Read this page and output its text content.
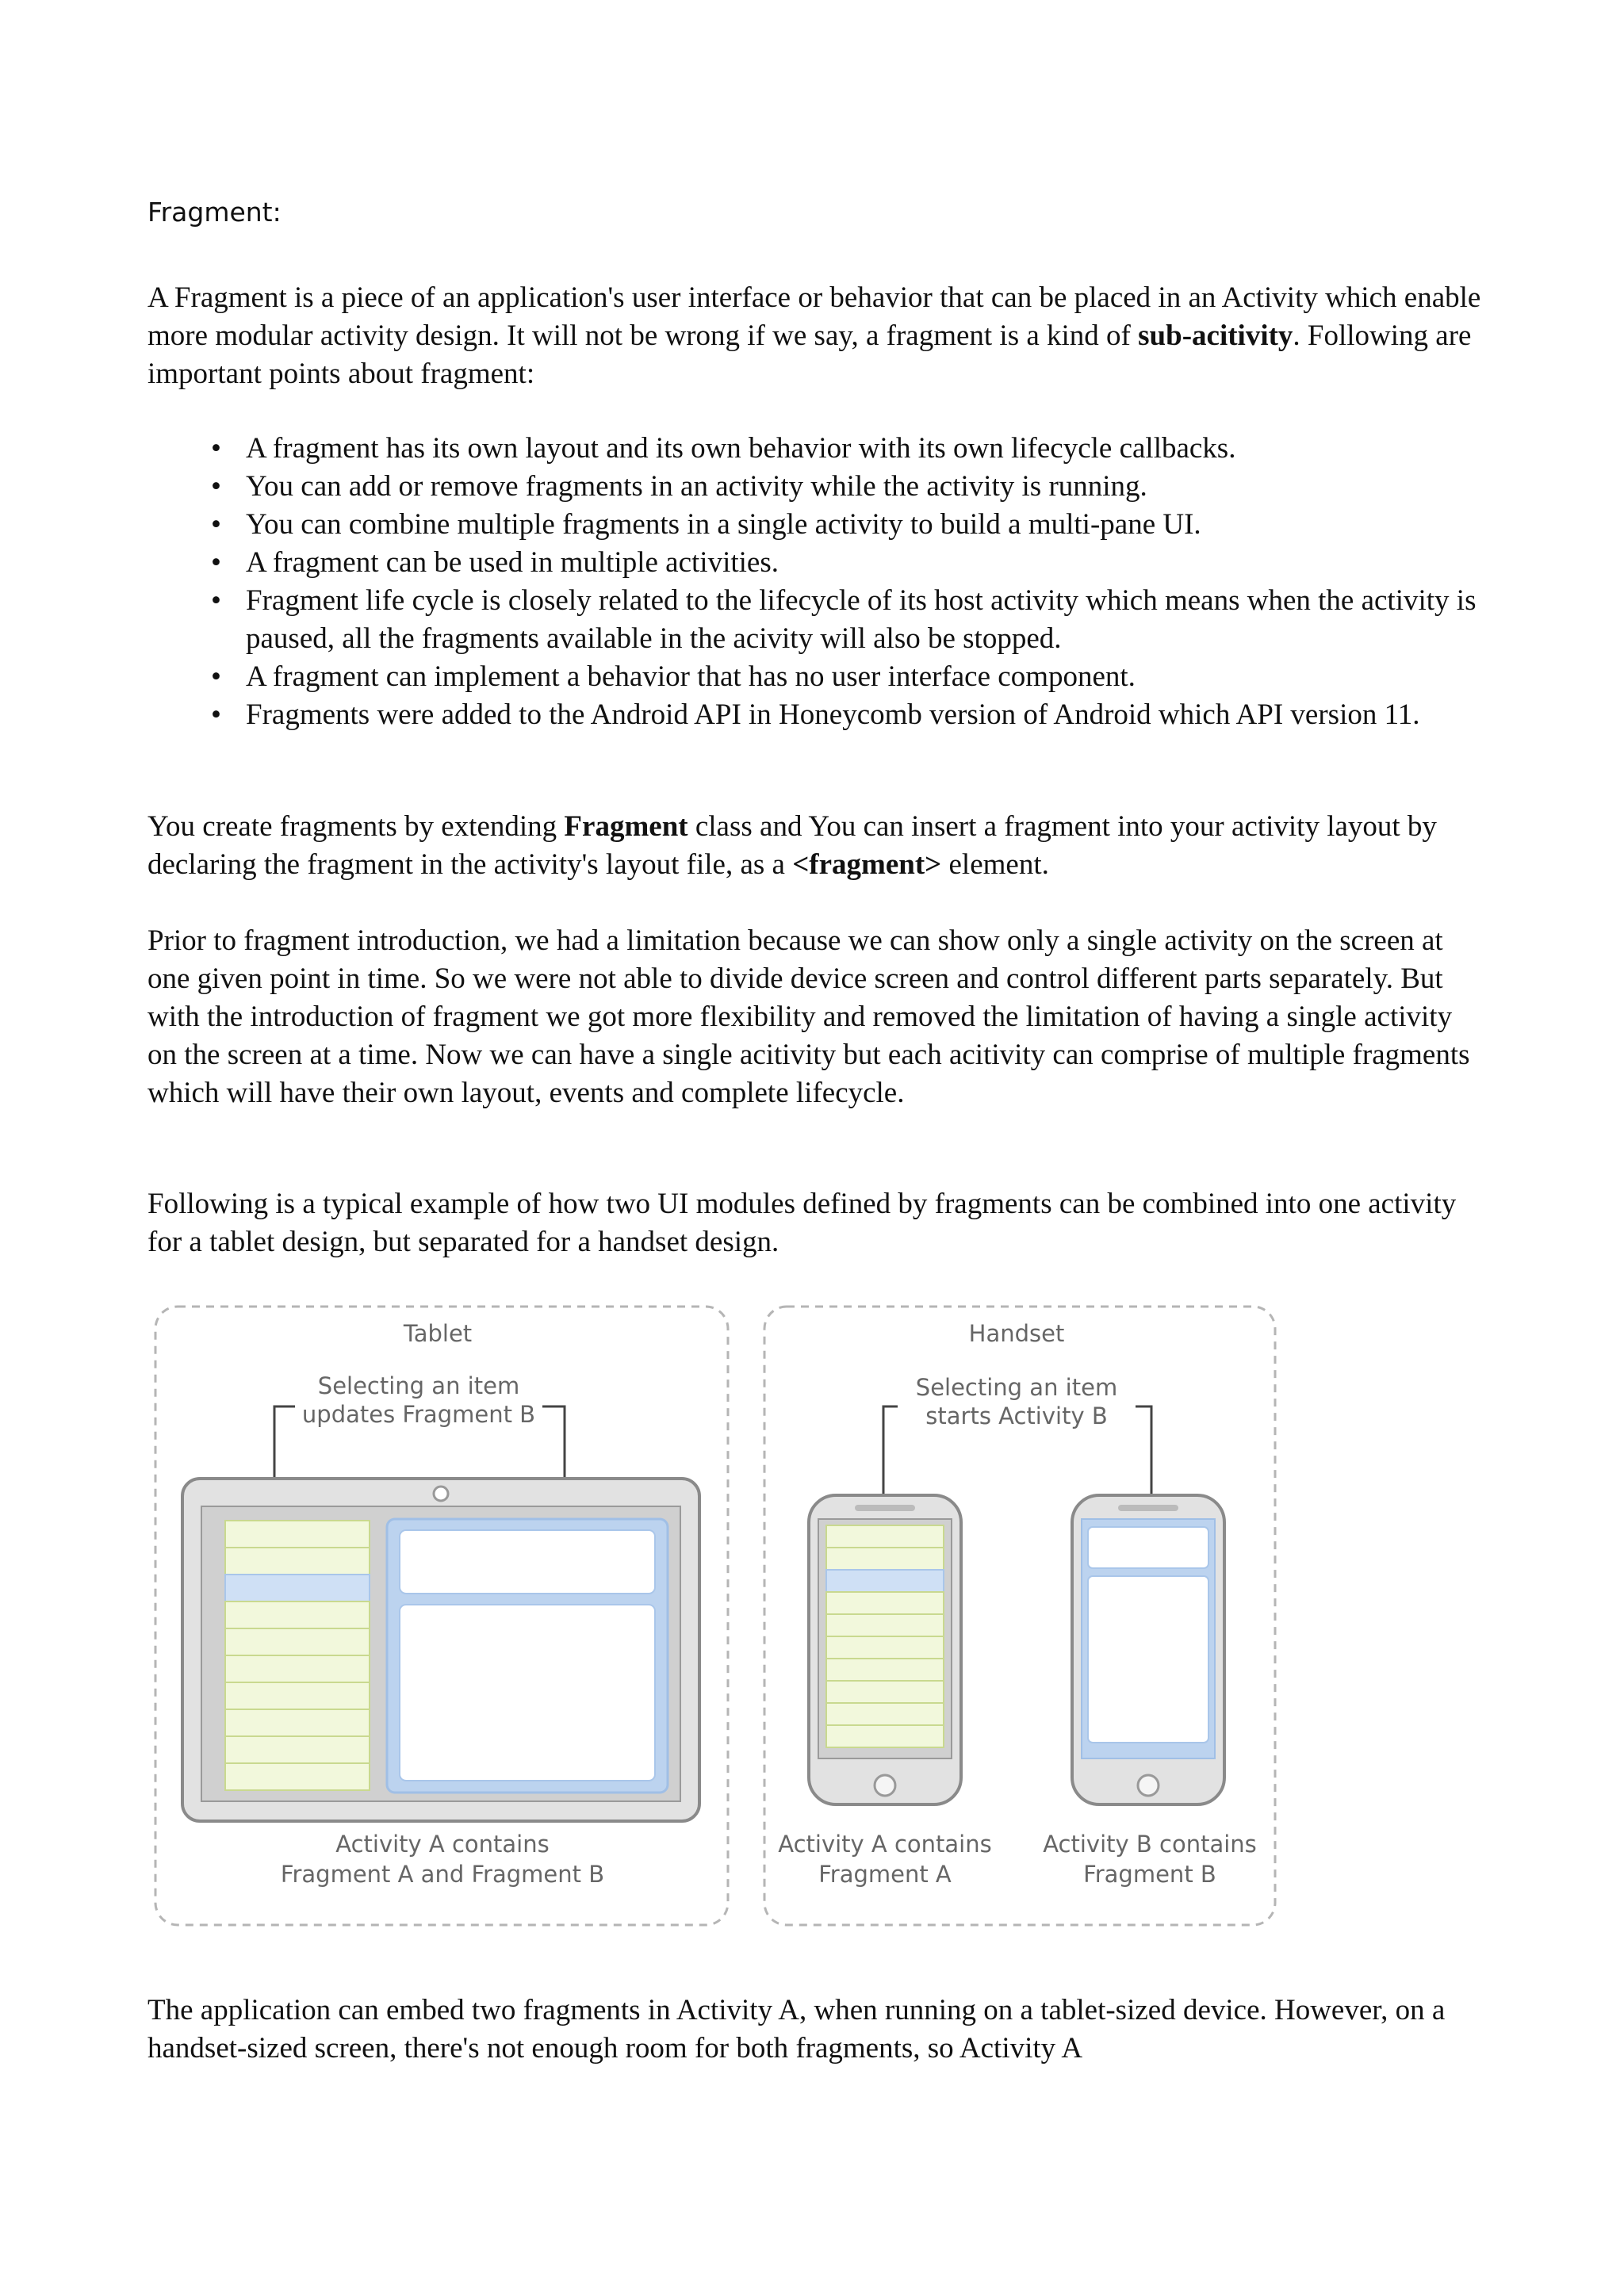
Fragment:

A Fragment is a piece of an application's user interface or behavior that can be placed in an Activity which enable more modular activity design. It will not be wrong if we say, a fragment is a kind of sub-acitivity. Following are important points about fragment:

• A fragment has its own layout and its own behavior with its own lifecycle callbacks.
• You can add or remove fragments in an activity while the activity is running.
• You can combine multiple fragments in a single activity to build a multi-pane UI.
• A fragment can be used in multiple activities.
• Fragment life cycle is closely related to the lifecycle of its host activity which means when the activity is paused, all the fragments available in the acivity will also be stopped.
• A fragment can implement a behavior that has no user interface component.
• Fragments were added to the Android API in Honeycomb version of Android which API version 11.

You create fragments by extending Fragment class and You can insert a fragment into your activity layout by declaring the fragment in the activity's layout file, as a <fragment> element.

Prior to fragment introduction, we had a limitation because we can show only a single activity on the screen at one given point in time. So we were not able to divide device screen and control different parts separately. But with the introduction of fragment we got more flexibility and removed the limitation of having a single activity on the screen at a time. Now we can have a single acitivity but each acitivity can comprise of multiple fragments which will have their own layout, events and complete lifecycle.

Following is a typical example of how two UI modules defined by fragments can be combined into one activity for a tablet design, but separated for a handset design.

Tablet
Selecting an item
updates Fragment B
Activity A contains
Fragment A and Fragment B
Handset
Selecting an item
starts Activity B
Activity A contains
Fragment A
Activity B contains
Fragment B

The application can embed two fragments in Activity A, when running on a tablet-sized device. However, on a handset-sized screen, there's not enough room for both fragments, so Activity A
